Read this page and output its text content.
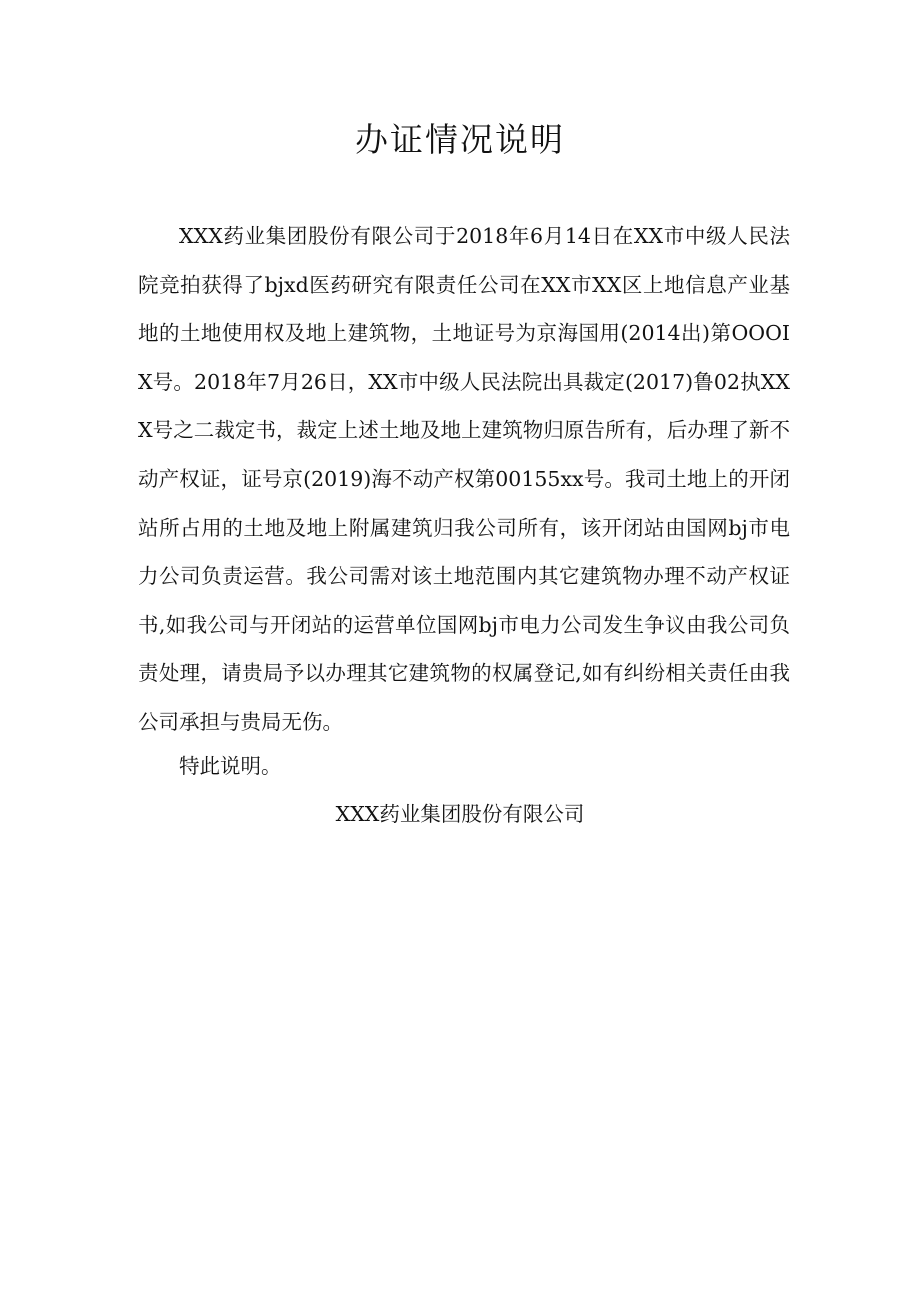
办证情况说明

XXX药业集团股份有限公司于2018年6月14日在XX市中级人民法院竞拍获得了bjxd医药研究有限责任公司在XX市XX区上地信息产业基地的土地使用权及地上建筑物，土地证号为京海国用(2014出)第OOOIX号。2018年7月26日，XX市中级人民法院出具裁定(2017)鲁02执XXX号之二裁定书，裁定上述土地及地上建筑物归原告所有，后办理了新不动产权证，证号京(2019)海不动产权第00155xx号。我司土地上的开闭站所占用的土地及地上附属建筑归我公司所有，该开闭站由国网bj市电力公司负责运营。我公司需对该土地范围内其它建筑物办理不动产权证书,如我公司与开闭站的运营单位国网bj市电力公司发生争议由我公司负责处理，请贵局予以办理其它建筑物的权属登记,如有纠纷相关责任由我公司承担与贵局无伤。

特此说明。

XXX药业集团股份有限公司
